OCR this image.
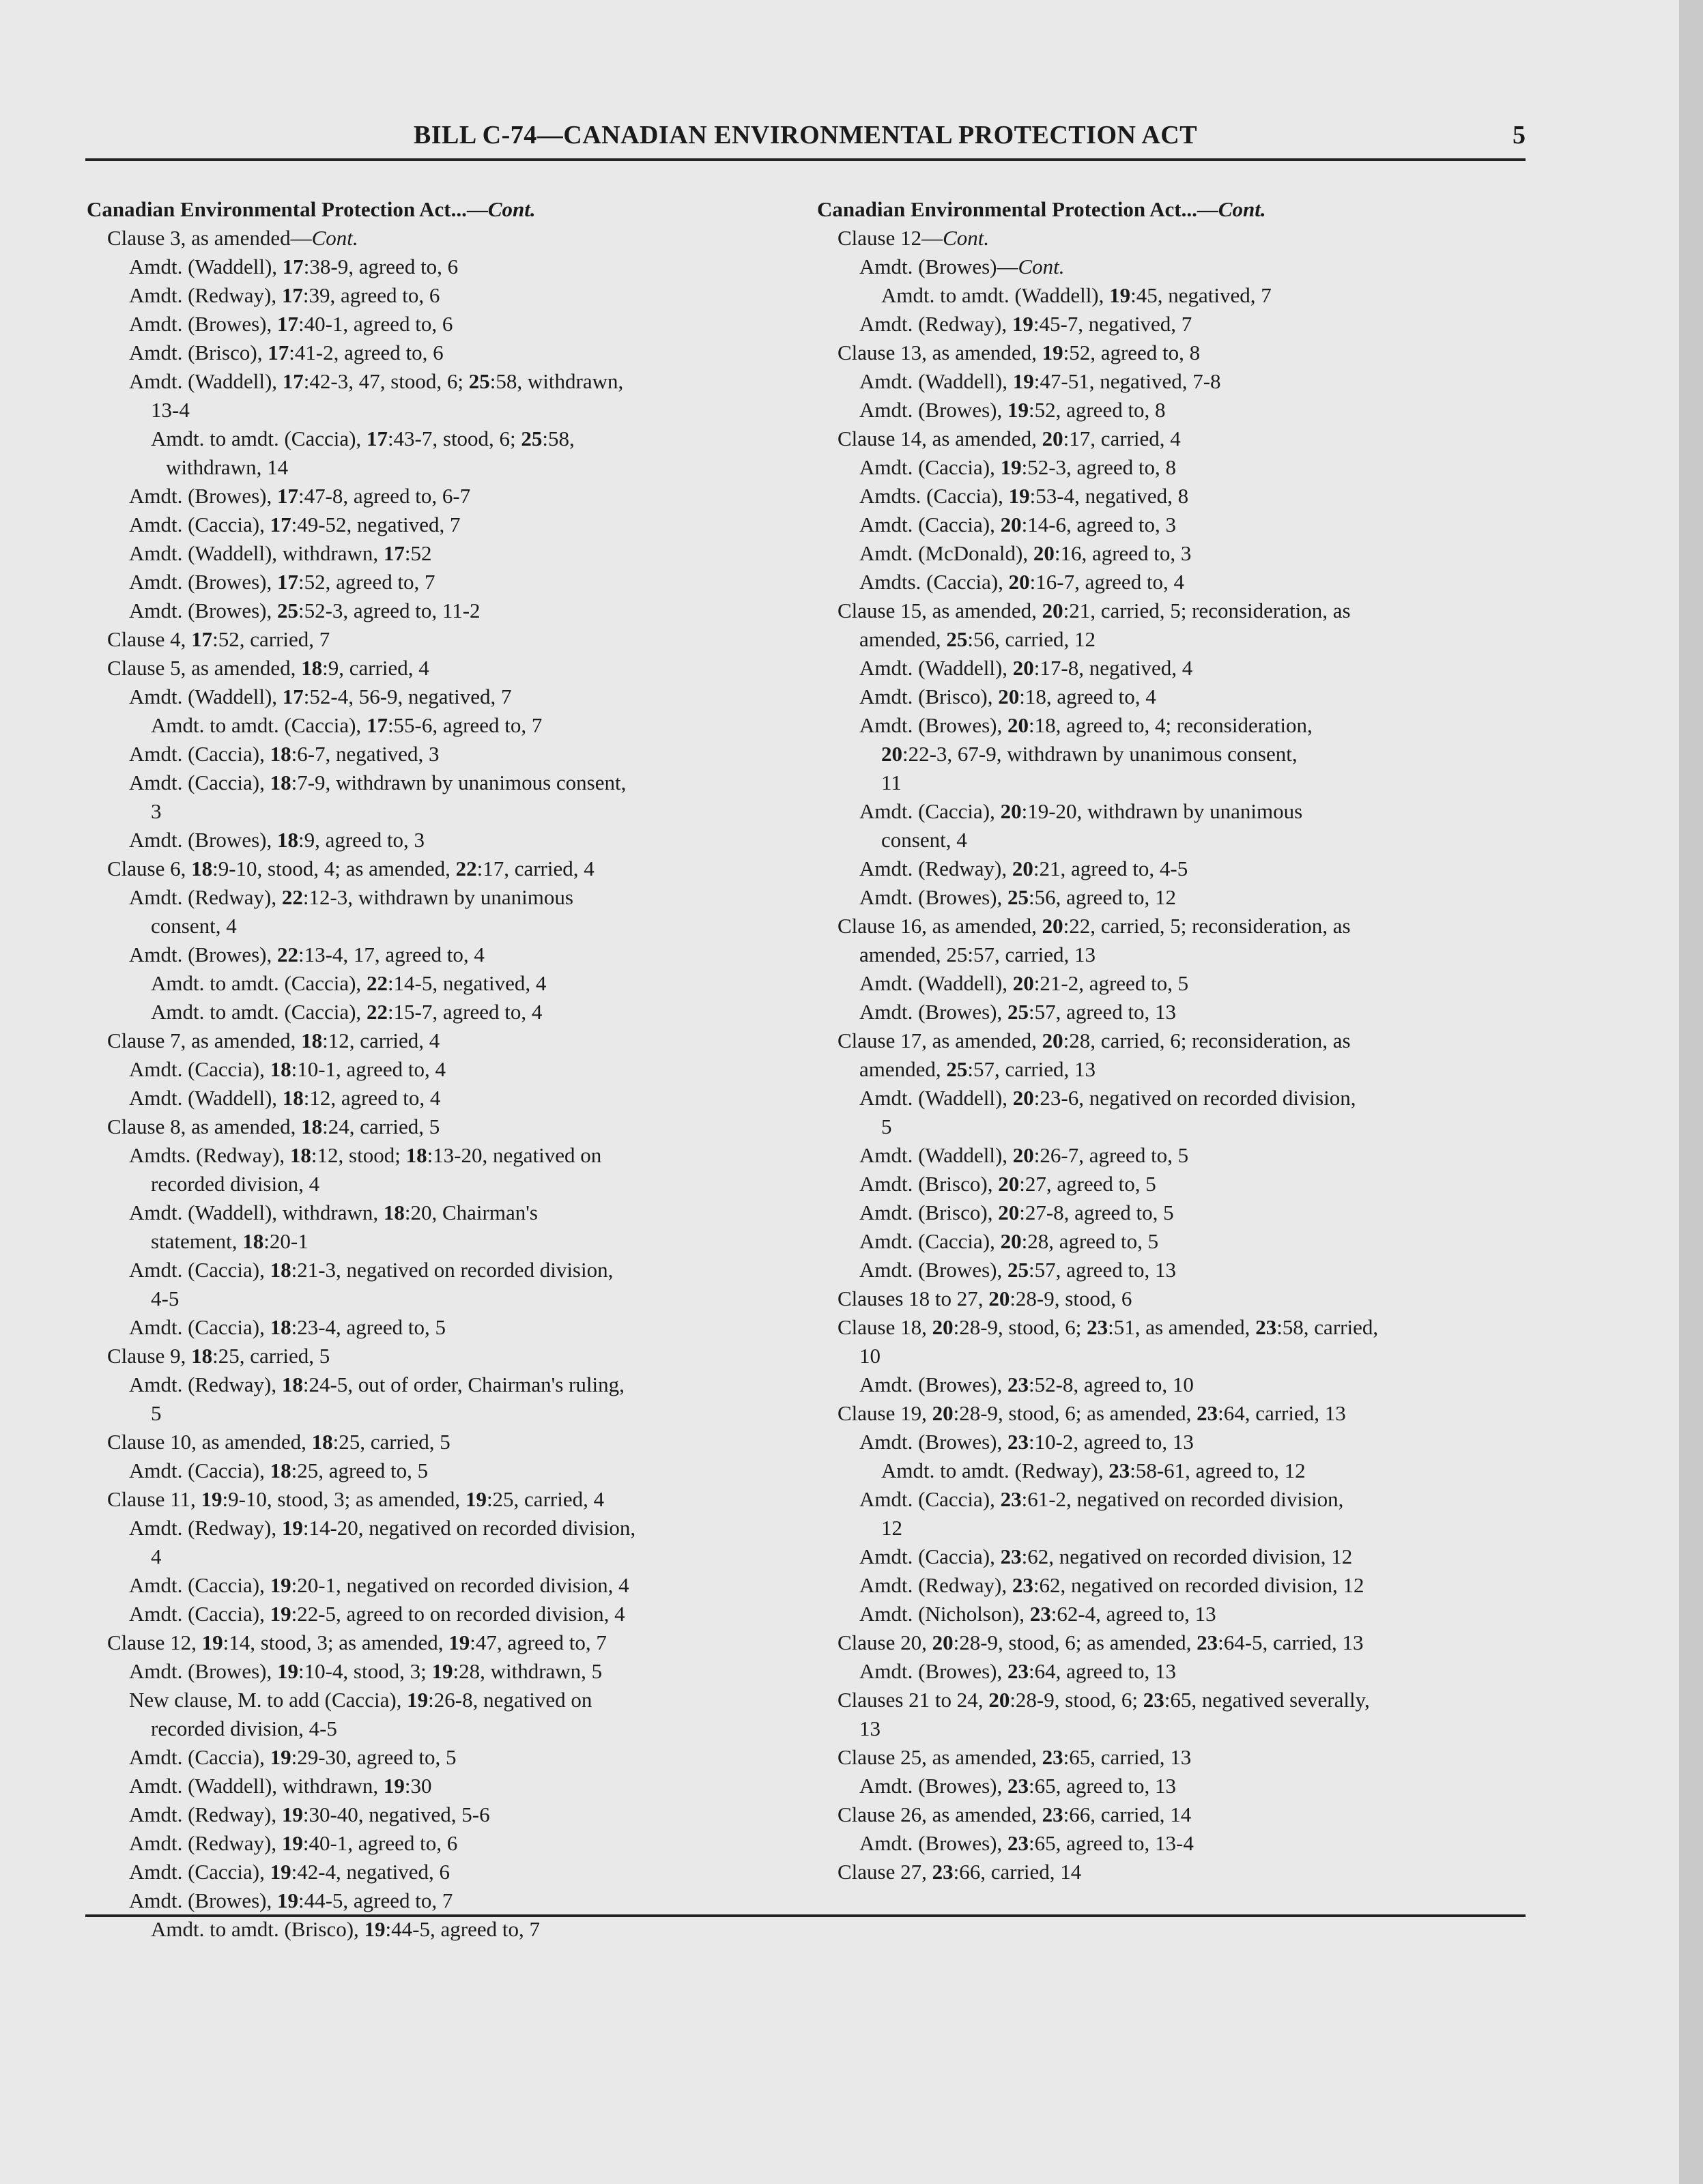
BILL C-74—CANADIAN ENVIRONMENTAL PROTECTION ACT	5
Canadian Environmental Protection Act...—Cont.
Clause 3, as amended—Cont.
Amdt. (Waddell), 17:38-9, agreed to, 6
Amdt. (Redway), 17:39, agreed to, 6
Amdt. (Browes), 17:40-1, agreed to, 6
Amdt. (Brisco), 17:41-2, agreed to, 6
Amdt. (Waddell), 17:42-3, 47, stood, 6; 25:58, withdrawn,
13-4
Amdt. to amdt. (Caccia), 17:43-7, stood, 6; 25:58,
withdrawn, 14
Amdt. (Browes), 17:47-8, agreed to, 6-7
Amdt. (Caccia), 17:49-52, negatived, 7
Amdt. (Waddell), withdrawn, 17:52
Amdt. (Browes), 17:52, agreed to, 7
Amdt. (Browes), 25:52-3, agreed to, 11-2
Clause 4, 17:52, carried, 7
Clause 5, as amended, 18:9, carried, 4
Amdt. (Waddell), 17:52-4, 56-9, negatived, 7
Amdt. to amdt. (Caccia), 17:55-6, agreed to, 7
Amdt. (Caccia), 18:6-7, negatived, 3
Amdt. (Caccia), 18:7-9, withdrawn by unanimous consent,
3
Amdt. (Browes), 18:9, agreed to, 3
Clause 6, 18:9-10, stood, 4; as amended, 22:17, carried, 4
Amdt. (Redway), 22:12-3, withdrawn by unanimous
consent, 4
Amdt. (Browes), 22:13-4, 17, agreed to, 4
Amdt. to amdt. (Caccia), 22:14-5, negatived, 4
Amdt. to amdt. (Caccia), 22:15-7, agreed to, 4
Clause 7, as amended, 18:12, carried, 4
Amdt. (Caccia), 18:10-1, agreed to, 4
Amdt. (Waddell), 18:12, agreed to, 4
Clause 8, as amended, 18:24, carried, 5
Amdts. (Redway), 18:12, stood; 18:13-20, negatived on
recorded division, 4
Amdt. (Waddell), withdrawn, 18:20, Chairman's
statement, 18:20-1
Amdt. (Caccia), 18:21-3, negatived on recorded division,
4-5
Amdt. (Caccia), 18:23-4, agreed to, 5
Clause 9, 18:25, carried, 5
Amdt. (Redway), 18:24-5, out of order, Chairman's ruling,
5
Clause 10, as amended, 18:25, carried, 5
Amdt. (Caccia), 18:25, agreed to, 5
Clause 11, 19:9-10, stood, 3; as amended, 19:25, carried, 4
Amdt. (Redway), 19:14-20, negatived on recorded division,
4
Amdt. (Caccia), 19:20-1, negatived on recorded division, 4
Amdt. (Caccia), 19:22-5, agreed to on recorded division, 4
Clause 12, 19:14, stood, 3; as amended, 19:47, agreed to, 7
Amdt. (Browes), 19:10-4, stood, 3; 19:28, withdrawn, 5
New clause, M. to add (Caccia), 19:26-8, negatived on
recorded division, 4-5
Amdt. (Caccia), 19:29-30, agreed to, 5
Amdt. (Waddell), withdrawn, 19:30
Amdt. (Redway), 19:30-40, negatived, 5-6
Amdt. (Redway), 19:40-1, agreed to, 6
Amdt. (Caccia), 19:42-4, negatived, 6
Amdt. (Browes), 19:44-5, agreed to, 7
Amdt. to amdt. (Brisco), 19:44-5, agreed to, 7
Canadian Environmental Protection Act...—Cont.
Clause 12—Cont.
Amdt. (Browes)—Cont.
Amdt. to amdt. (Waddell), 19:45, negatived, 7
Amdt. (Redway), 19:45-7, negatived, 7
Clause 13, as amended, 19:52, agreed to, 8
Amdt. (Waddell), 19:47-51, negatived, 7-8
Amdt. (Browes), 19:52, agreed to, 8
Clause 14, as amended, 20:17, carried, 4
Amdt. (Caccia), 19:52-3, agreed to, 8
Amdts. (Caccia), 19:53-4, negatived, 8
Amdt. (Caccia), 20:14-6, agreed to, 3
Amdt. (McDonald), 20:16, agreed to, 3
Amdts. (Caccia), 20:16-7, agreed to, 4
Clause 15, as amended, 20:21, carried, 5; reconsideration, as
amended, 25:56, carried, 12
Amdt. (Waddell), 20:17-8, negatived, 4
Amdt. (Brisco), 20:18, agreed to, 4
Amdt. (Browes), 20:18, agreed to, 4; reconsideration,
20:22-3, 67-9, withdrawn by unanimous consent,
11
Amdt. (Caccia), 20:19-20, withdrawn by unanimous
consent, 4
Amdt. (Redway), 20:21, agreed to, 4-5
Amdt. (Browes), 25:56, agreed to, 12
Clause 16, as amended, 20:22, carried, 5; reconsideration, as
amended, 25:57, carried, 13
Amdt. (Waddell), 20:21-2, agreed to, 5
Amdt. (Browes), 25:57, agreed to, 13
Clause 17, as amended, 20:28, carried, 6; reconsideration, as
amended, 25:57, carried, 13
Amdt. (Waddell), 20:23-6, negatived on recorded division,
5
Amdt. (Waddell), 20:26-7, agreed to, 5
Amdt. (Brisco), 20:27, agreed to, 5
Amdt. (Brisco), 20:27-8, agreed to, 5
Amdt. (Caccia), 20:28, agreed to, 5
Amdt. (Browes), 25:57, agreed to, 13
Clauses 18 to 27, 20:28-9, stood, 6
Clause 18, 20:28-9, stood, 6; 23:51, as amended, 23:58, carried,
10
Amdt. (Browes), 23:52-8, agreed to, 10
Clause 19, 20:28-9, stood, 6; as amended, 23:64, carried, 13
Amdt. (Browes), 23:10-2, agreed to, 13
Amdt. to amdt. (Redway), 23:58-61, agreed to, 12
Amdt. (Caccia), 23:61-2, negatived on recorded division,
12
Amdt. (Caccia), 23:62, negatived on recorded division, 12
Amdt. (Redway), 23:62, negatived on recorded division, 12
Amdt. (Nicholson), 23:62-4, agreed to, 13
Clause 20, 20:28-9, stood, 6; as amended, 23:64-5, carried, 13
Amdt. (Browes), 23:64, agreed to, 13
Clauses 21 to 24, 20:28-9, stood, 6; 23:65, negatived severally,
13
Clause 25, as amended, 23:65, carried, 13
Amdt. (Browes), 23:65, agreed to, 13
Clause 26, as amended, 23:66, carried, 14
Amdt. (Browes), 23:65, agreed to, 13-4
Clause 27, 23:66, carried, 14
